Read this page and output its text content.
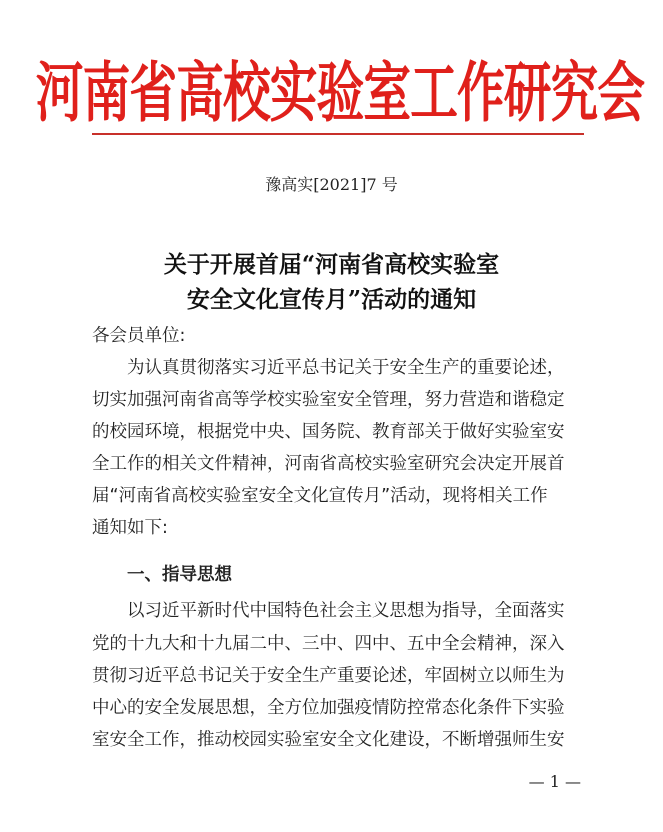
河南省高校实验室工作研究会
豫高实[2021]7 号
关于开展首届“河南省高校实验室
安全文化宣传月”活动的通知
各会员单位:
为认真贯彻落实习近平总书记关于安全生产的重要论述，
切实加强河南省高等学校实验室安全管理，努力营造和谐稳定
的校园环境，根据党中央、国务院、教育部关于做好实验室安
全工作的相关文件精神，河南省高校实验室研究会决定开展首
届“河南省高校实验室安全文化宣传月”活动，现将相关工作
通知如下:
一、指导思想
以习近平新时代中国特色社会主义思想为指导，全面落实
党的十九大和十九届二中、三中、四中、五中全会精神，深入
贯彻习近平总书记关于安全生产重要论述，牢固树立以师生为
中心的安全发展思想，全方位加强疫情防控常态化条件下实验
室安全工作，推动校园实验室安全文化建设，不断增强师生安
— 1 —
